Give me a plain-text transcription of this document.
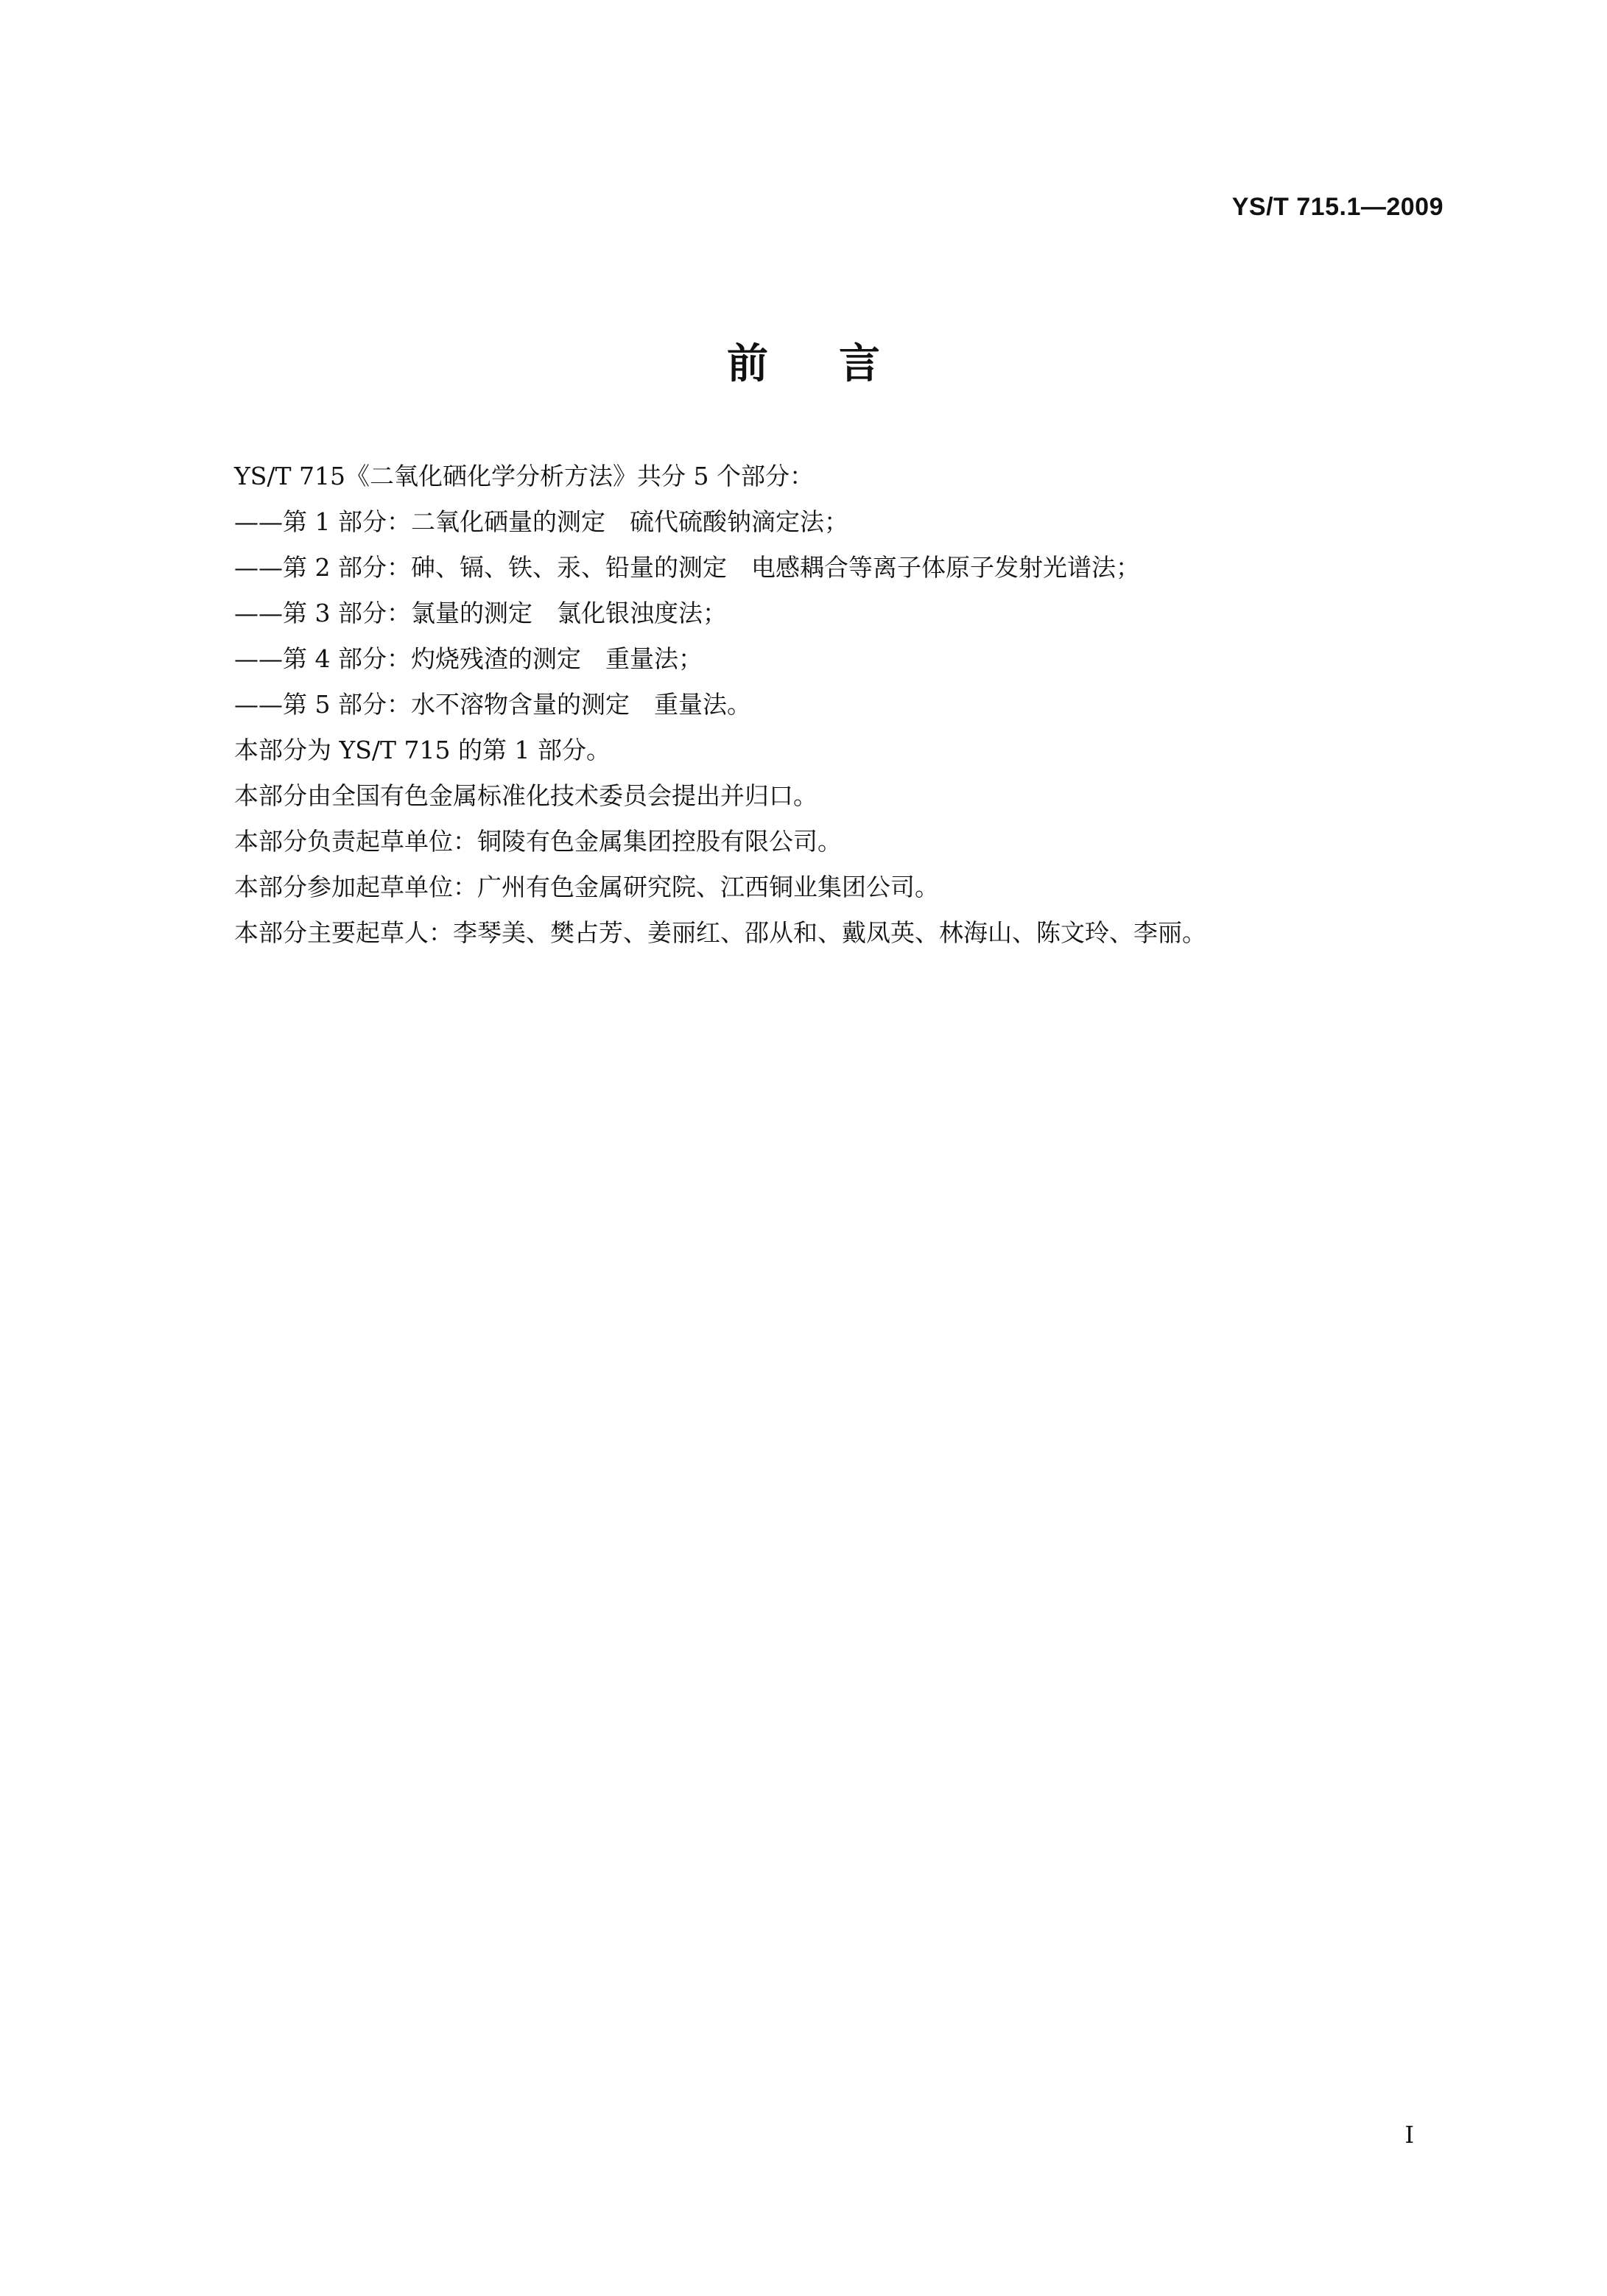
YS/T 715.1—2009
前言

YS/T 715《二氧化硒化学分析方法》共分 5 个部分：

——第 1 部分：二氧化硒量的测定　硫代硫酸钠滴定法；

——第 2 部分：砷、镉、铁、汞、铅量的测定　电感耦合等离子体原子发射光谱法；

——第 3 部分：氯量的测定　氯化银浊度法；

——第 4 部分：灼烧残渣的测定　重量法；

——第 5 部分：水不溶物含量的测定　重量法。

本部分为 YS/T 715 的第 1 部分。

本部分由全国有色金属标准化技术委员会提出并归口。

本部分负责起草单位：铜陵有色金属集团控股有限公司。

本部分参加起草单位：广州有色金属研究院、江西铜业集团公司。

本部分主要起草人：李琴美、樊占芳、姜丽红、邵从和、戴凤英、林海山、陈文玲、李丽。

I
